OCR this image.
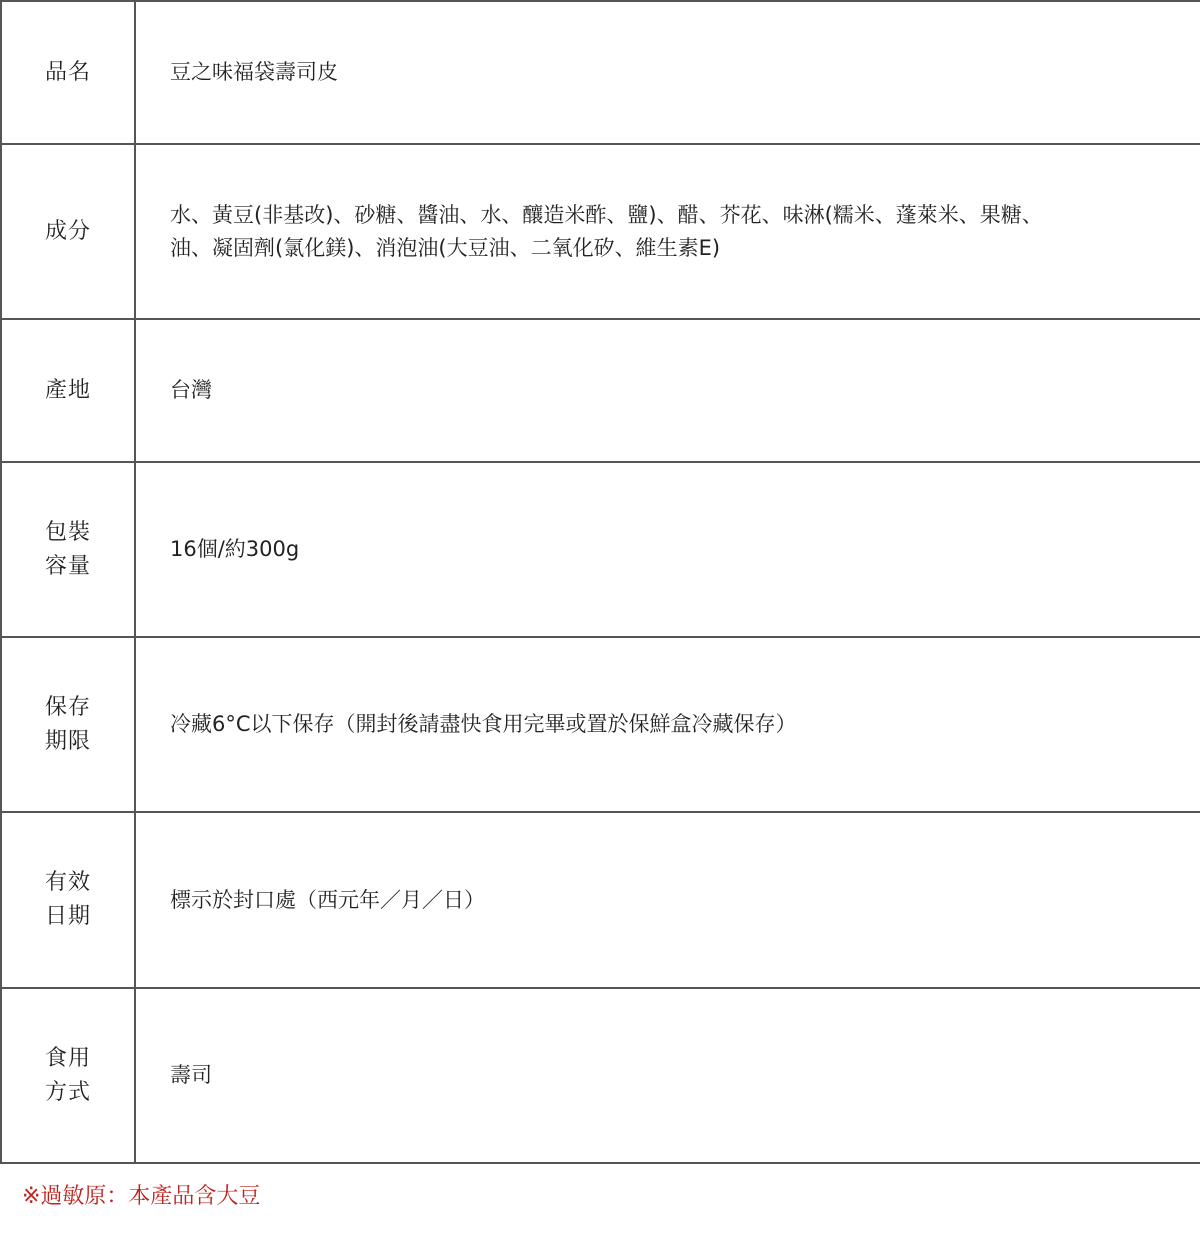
品名	豆之味福袋壽司皮

成分	水、黃豆(非基改)、砂糖、醬油、水、釀造米酢、鹽)、醋、芥花、味淋(糯米、蓬萊米、果糖、
油、凝固劑(氯化鎂)、消泡油(大豆油、二氧化矽、維生素E)

產地	台灣

包裝
容量	16個/約300g

保存
期限	冷藏6°C以下保存（開封後請盡快食用完畢或置於保鮮盒冷藏保存）

有效
日期	標示於封口處（西元年／月／日）

食用
方式	壽司
※過敏原：本產品含大豆
